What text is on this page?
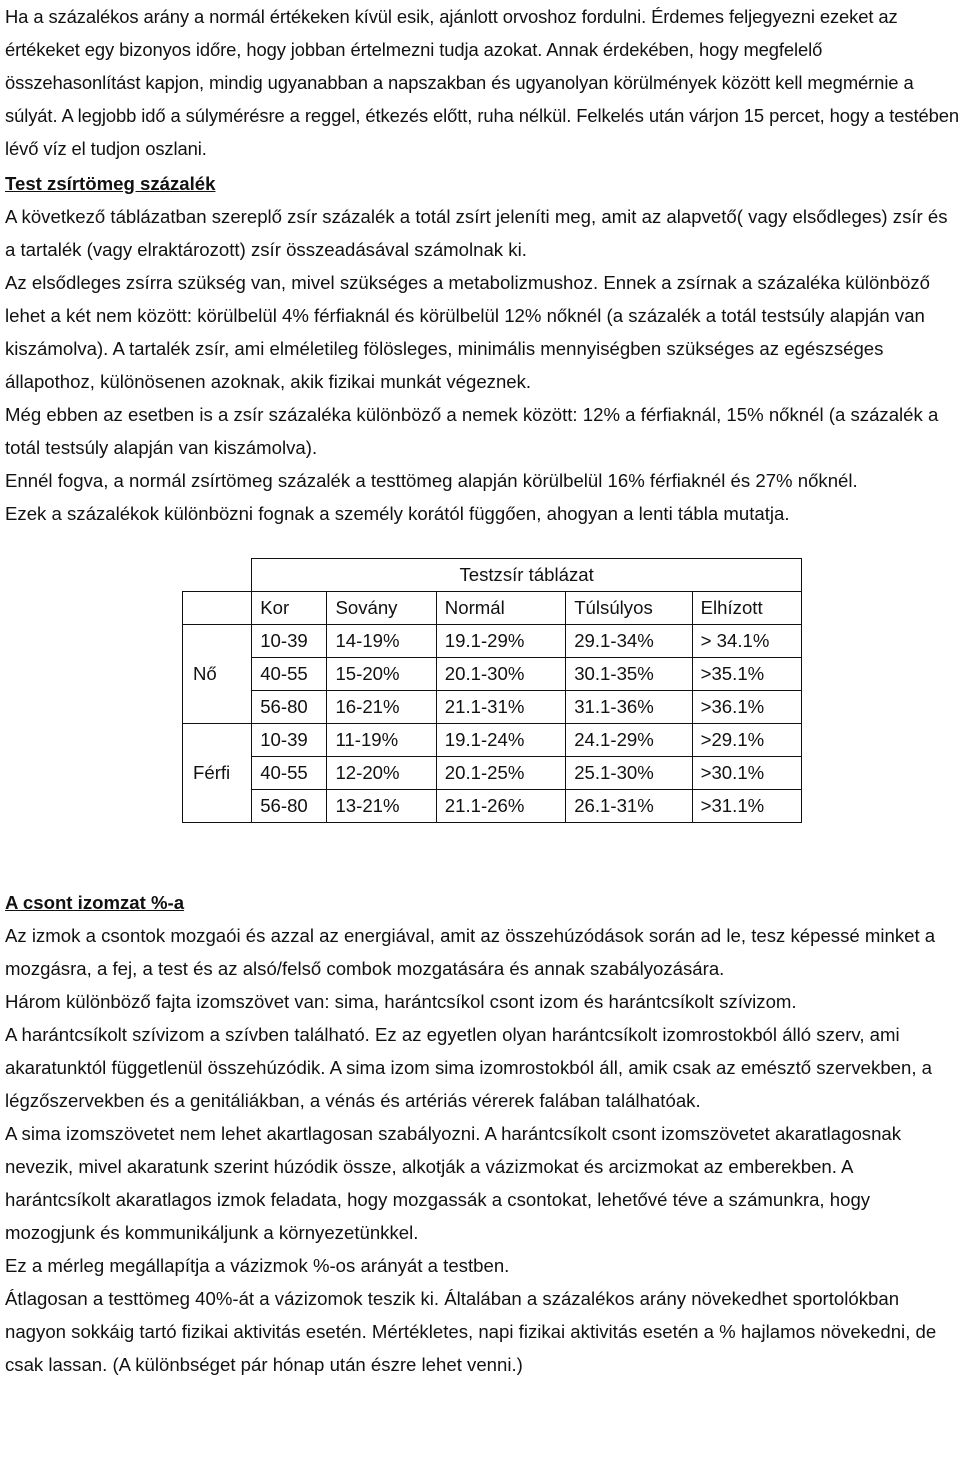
Ha a százalékos arány a normál értékeken kívül esik, ajánlott orvoshoz fordulni. Érdemes feljegyezni ezeket az értékeket egy bizonyos időre, hogy jobban értelmezni tudja azokat. Annak érdekében, hogy megfelelő összehasonlítást kapjon, mindig ugyanabban a napszakban és ugyanolyan körülmények között kell megmérnie a súlyát. A legjobb idő a súlymérésre a reggel, étkezés előtt, ruha nélkül. Felkelés után várjon 15 percet, hogy a testében lévő víz el tudjon oszlani.

Test zsírtömeg százalék

A következő táblázatban szereplő zsír százalék a totál zsírt jeleníti meg, amit az alapvető( vagy elsődleges) zsír és a tartalék (vagy elraktározott) zsír összeadásával számolnak ki.

Az elsődleges zsírra szükség van, mivel szükséges a metabolizmushoz. Ennek a zsírnak a százaléka különböző lehet a két nem között: körülbelül 4% férfiaknál és körülbelül 12% nőknél (a százalék a totál testsúly alapján van kiszámolva). A tartalék zsír, ami elméletileg fölösleges, minimális mennyiségben szükséges az egészséges állapothoz, különösenen azoknak, akik fizikai munkát végeznek.

Még ebben az esetben is a zsír százaléka különböző a nemek között: 12% a férfiaknál, 15% nőknél (a százalék a totál testsúly alapján van kiszámolva).

Ennél fogva, a normál zsírtömeg százalék a testtömeg alapján körülbelül 16% férfiaknél és 27% nőknél.

Ezek a százalékok különbözni fognak a személy korától függően, ahogyan a lenti tábla mutatja.

	Testzsír táblázat				
	Kor	Sovány	Normál	Túlsúlyos	Elhízott
	10-39	14-19%	19.1-29%	29.1-34%	> 34.1%
Nő	40-55	15-20%	20.1-30%	30.1-35%	>35.1%
	56-80	16-21%	21.1-31%	31.1-36%	>36.1%
	10-39	11-19%	19.1-24%	24.1-29%	>29.1%
Férfi	40-55	12-20%	20.1-25%	25.1-30%	>30.1%
	56-80	13-21%	21.1-26%	26.1-31%	>31.1%

A csont izomzat %-a

Az izmok a csontok mozgaói és azzal az energiával, amit az összehúzódások során ad le, tesz képessé minket a mozgásra, a fej, a test és az alsó/felső combok mozgatására és annak szabályozására.

Három különböző fajta izomszövet van: sima, harántcsíkol csont izom és harántcsíkolt szívizom.

A harántcsíkolt szívizom a szívben található. Ez az egyetlen olyan harántcsíkolt izomrostokból álló szerv, ami akaratunktól függetlenül összehúzódik. A sima izom sima izomrostokból áll, amik csak az emésztő szervekben, a légzőszervekben és a genitáliákban, a vénás és artériás vérerek falában találhatóak.

A sima izomszövetet nem lehet akartlagosan szabályozni. A harántcsíkolt csont izomszövetet akaratlagosnak nevezik, mivel akaratunk szerint húzódik össze, alkotják a vázizmokat és arcizmokat az emberekben. A harántcsíkolt akaratlagos izmok feladata, hogy mozgassák a csontokat, lehetővé téve a számunkra, hogy mozogjunk és kommunikáljunk a környezetünkkel.

Ez a mérleg megállapítja a vázizmok %-os arányát a testben.

Átlagosan a testtömeg 40%-át a vázizomok teszik ki. Általában a százalékos arány növekedhet sportolókban nagyon sokkáig tartó fizikai aktivitás esetén. Mértékletes, napi fizikai aktivitás esetén a % hajlamos növekedni, de csak lassan. (A különbséget pár hónap után észre lehet venni.)
